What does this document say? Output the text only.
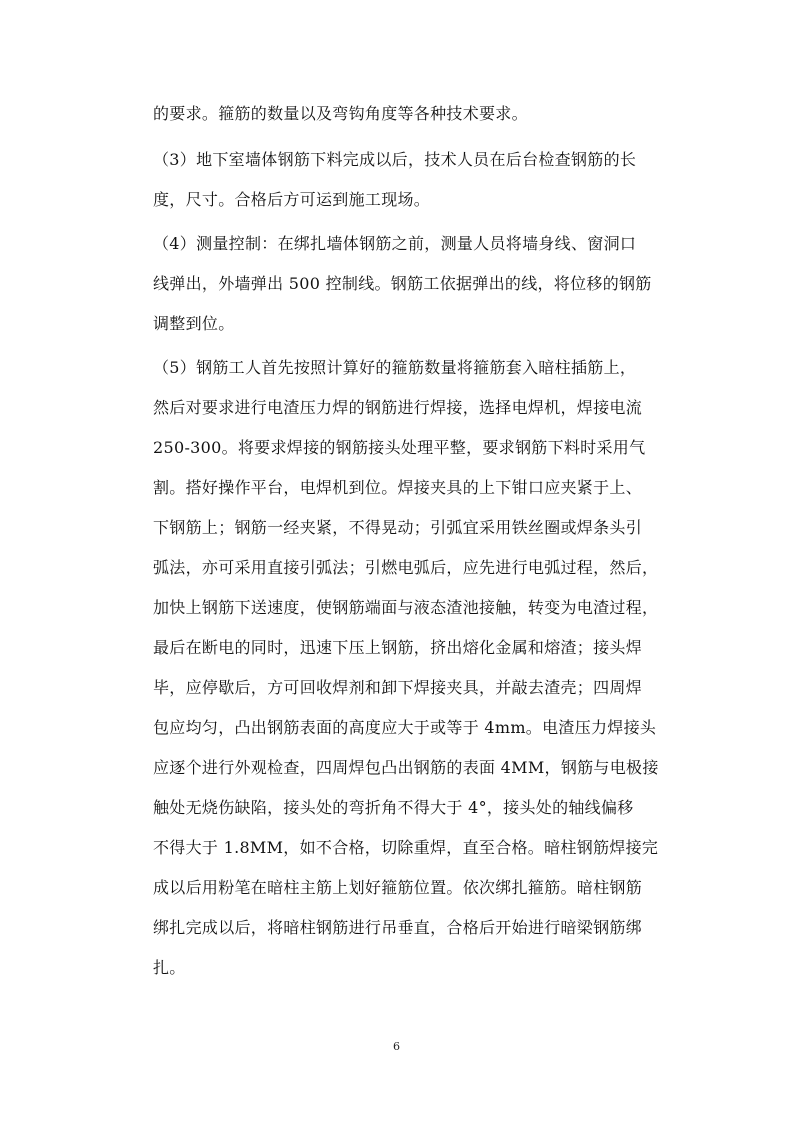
的要求。箍筋的数量以及弯钩角度等各种技术要求。
（3）地下室墙体钢筋下料完成以后，技术人员在后台检查钢筋的长
度，尺寸。合格后方可运到施工现场。
（4）测量控制：在绑扎墙体钢筋之前，测量人员将墙身线、窗洞口
线弹出，外墙弹出 500 控制线。钢筋工依据弹出的线，将位移的钢筋
调整到位。
（5）钢筋工人首先按照计算好的箍筋数量将箍筋套入暗柱插筋上，
然后对要求进行电渣压力焊的钢筋进行焊接，选择电焊机，焊接电流
250-300。将要求焊接的钢筋接头处理平整，要求钢筋下料时采用气
割。搭好操作平台，电焊机到位。焊接夹具的上下钳口应夹紧于上、
下钢筋上；钢筋一经夹紧，不得晃动；引弧宜采用铁丝圈或焊条头引
弧法，亦可采用直接引弧法；引燃电弧后，应先进行电弧过程，然后，
加快上钢筋下送速度，使钢筋端面与液态渣池接触，转变为电渣过程，
最后在断电的同时，迅速下压上钢筋，挤出熔化金属和熔渣；接头焊
毕，应停歇后，方可回收焊剂和卸下焊接夹具，并敲去渣壳；四周焊
包应均匀，凸出钢筋表面的高度应大于或等于 4mm。电渣压力焊接头
应逐个进行外观检查，四周焊包凸出钢筋的表面 4MM，钢筋与电极接
触处无烧伤缺陷，接头处的弯折角不得大于 4°，接头处的轴线偏移
不得大于 1.8MM，如不合格，切除重焊，直至合格。暗柱钢筋焊接完
成以后用粉笔在暗柱主筋上划好箍筋位置。依次绑扎箍筋。暗柱钢筋
绑扎完成以后，将暗柱钢筋进行吊垂直，合格后开始进行暗梁钢筋绑
扎。
6
